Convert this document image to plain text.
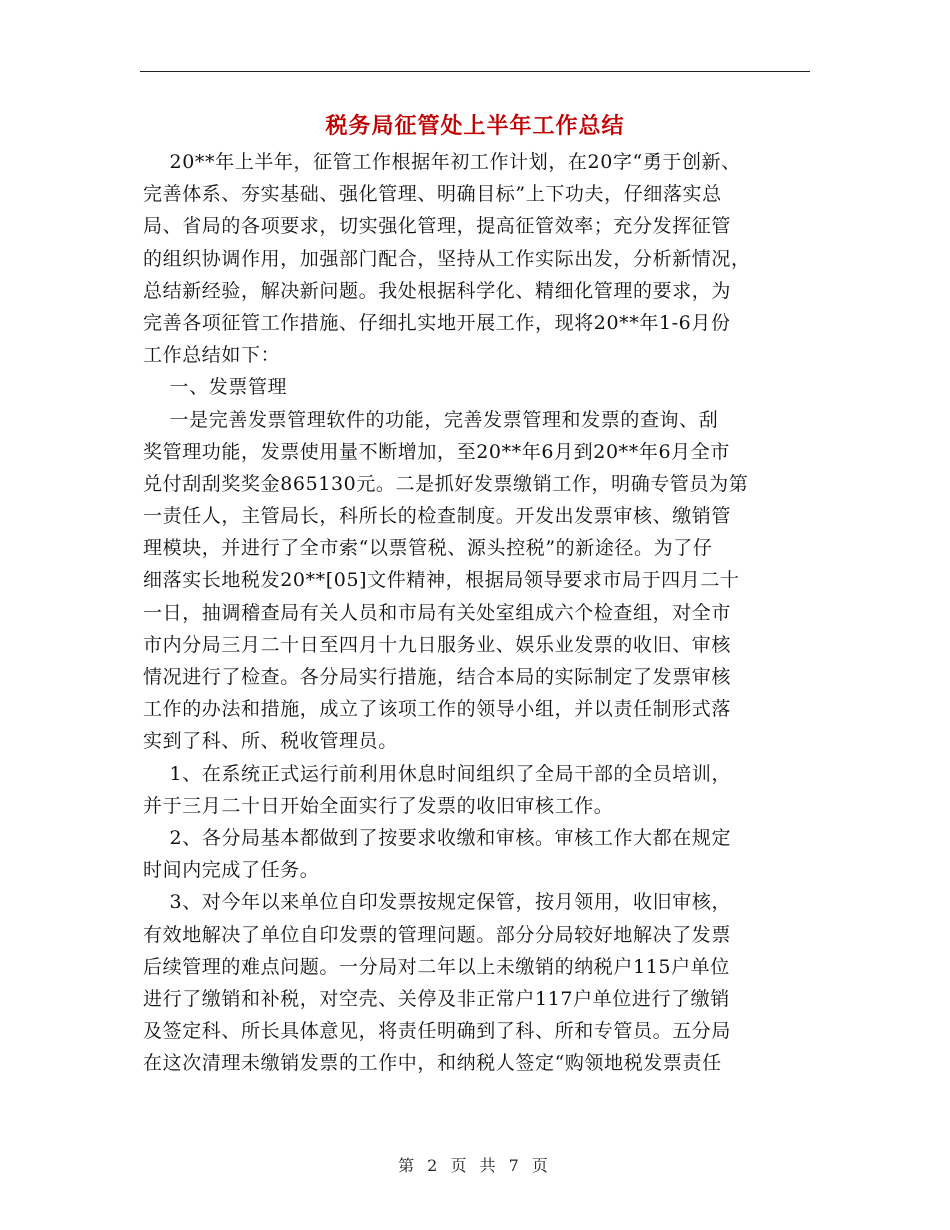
税务局征管处上半年工作总结
20**年上半年，征管工作根据年初工作计划，在20字“勇于创新、
完善体系、夯实基础、强化管理、明确目标”上下功夫，仔细落实总
局、省局的各项要求，切实强化管理，提高征管效率；充分发挥征管
的组织协调作用，加强部门配合，坚持从工作实际出发，分析新情况，
总结新经验，解决新问题。我处根据科学化、精细化管理的要求，为
完善各项征管工作措施、仔细扎实地开展工作，现将20**年1-6月份
工作总结如下：
一、发票管理
一是完善发票管理软件的功能，完善发票管理和发票的查询、刮
奖管理功能，发票使用量不断增加，至20**年6月到20**年6月全市
兑付刮刮奖奖金865130元。二是抓好发票缴销工作，明确专管员为第
一责任人，主管局长，科所长的检查制度。开发出发票审核、缴销管
理模块，并进行了全市索“以票管税、源头控税”的新途径。为了仔
细落实长地税发20**[05]文件精神，根据局领导要求市局于四月二十
一日，抽调稽查局有关人员和市局有关处室组成六个检查组，对全市
市内分局三月二十日至四月十九日服务业、娱乐业发票的收旧、审核
情况进行了检查。各分局实行措施，结合本局的实际制定了发票审核
工作的办法和措施，成立了该项工作的领导小组，并以责任制形式落
实到了科、所、税收管理员。
1、在系统正式运行前利用休息时间组织了全局干部的全员培训，
并于三月二十日开始全面实行了发票的收旧审核工作。
2、各分局基本都做到了按要求收缴和审核。审核工作大都在规定
时间内完成了任务。
3、对今年以来单位自印发票按规定保管，按月领用，收旧审核，
有效地解决了单位自印发票的管理问题。部分分局较好地解决了发票
后续管理的难点问题。一分局对二年以上未缴销的纳税户115户单位
进行了缴销和补税，对空壳、关停及非正常户117户单位进行了缴销
及签定科、所长具体意见，将责任明确到了科、所和专管员。五分局
在这次清理未缴销发票的工作中，和纳税人签定“购领地税发票责任
第 2 页 共 7 页
